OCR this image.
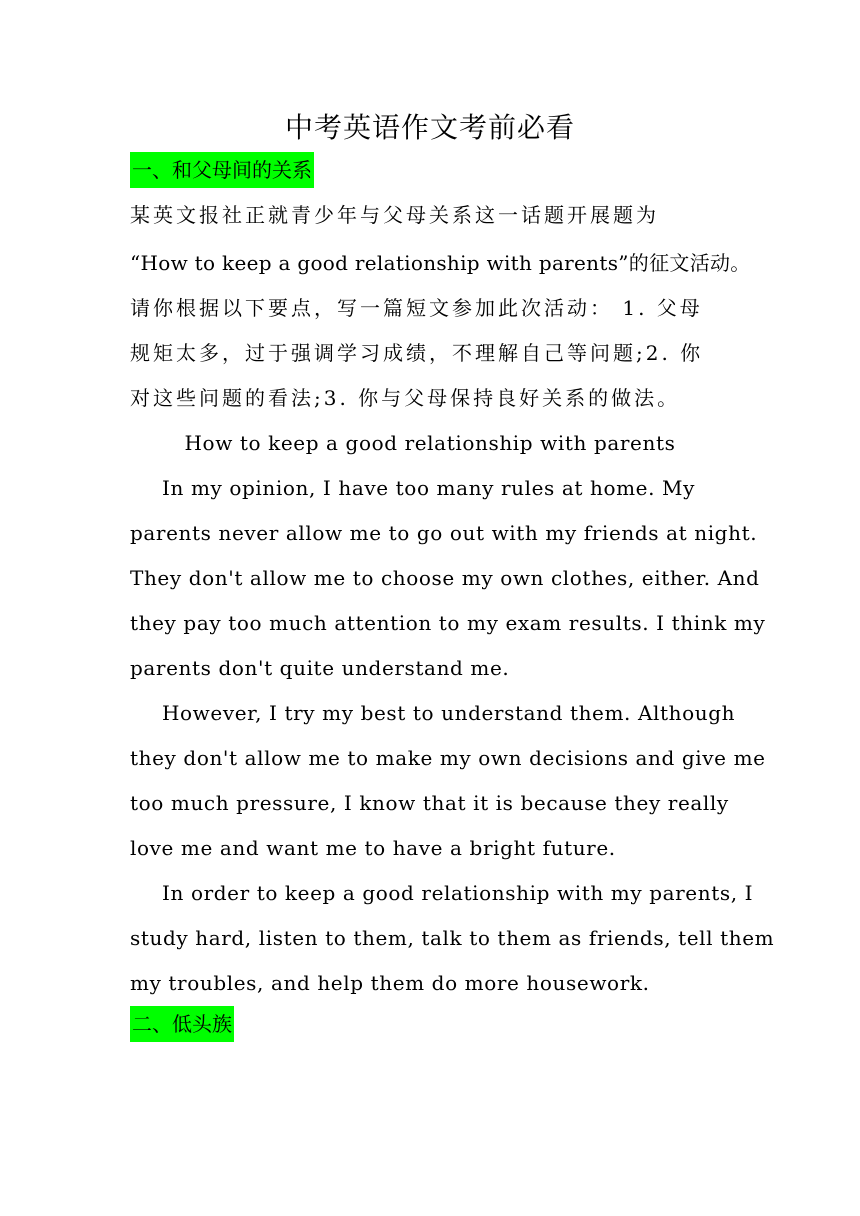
中考英语作文考前必看
一、和父母间的关系
某英文报社正就青少年与父母关系这一话题开展题为
“How to keep a good relationship with parents”的征文活动。
请你根据以下要点，写一篇短文参加此次活动： 1. 父母
规矩太多，过于强调学习成绩，不理解自己等问题;2. 你
对这些问题的看法;3. 你与父母保持良好关系的做法。
How to keep a good relationship with parents
In my opinion, I have too many rules at home. My
parents never allow me to go out with my friends at night.
They don't allow me to choose my own clothes, either. And
they pay too much attention to my exam results. I think my
parents don't quite understand me.
However, I try my best to understand them. Although
they don't allow me to make my own decisions and give me
too much pressure, I know that it is because they really
love me and want me to have a bright future.
In order to keep a good relationship with my parents, I
study hard, listen to them, talk to them as friends, tell them
my troubles, and help them do more housework.
二、低头族
